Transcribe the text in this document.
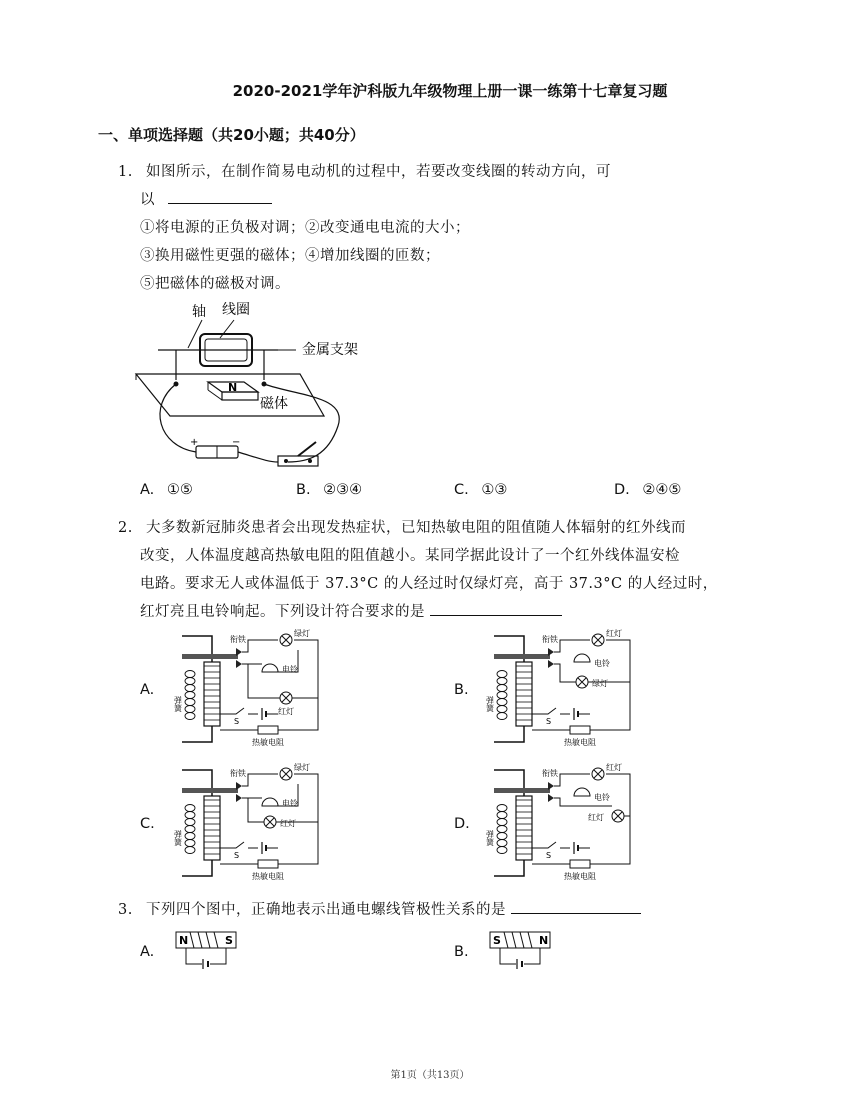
2020-2021学年沪科版九年级物理上册一课一练第十七章复习题
一、单项选择题（共20小题；共40分）
1. 如图所示，在制作简易电动机的过程中，若要改变线圈的转动方向，可
以
①将电源的正负极对调；②改变通电电流的大小；
③换用磁性更强的磁体；④增加线圈的匝数；
⑤把磁体的磁极对调。
轴 线圈
金属支架
磁体
N
+	−
A. ①⑤	B. ②③④	C. ①③	D. ②④⑤
2. 大多数新冠肺炎患者会出现发热症状，已知热敏电阻的阻值随人体辐射的红外线而
改变，人体温度越高热敏电阻的阻值越小。某同学据此设计了一个红外线体温安检
电路。要求无人或体温低于 37.3°C 的人经过时仅绿灯亮，高于 37.3°C 的人经过时，
红灯亮且电铃响起。下列设计符合要求的是
A.	B.
C.	D.
弹簧
衔铁
S
热敏电阻
绿灯
电铃
红灯	弹簧
衔铁
S
热敏电阻
红灯
电铃
绿灯
弹簧
衔铁
S
热敏电阻
绿灯
电铃
红灯
弹簧
衔铁
S
热敏电阻
红灯
电铃
红灯
3. 下列四个图中，正确地表示出通电螺线管极性关系的是
A.
N	S
B.
S	N
第1页（共13页）
